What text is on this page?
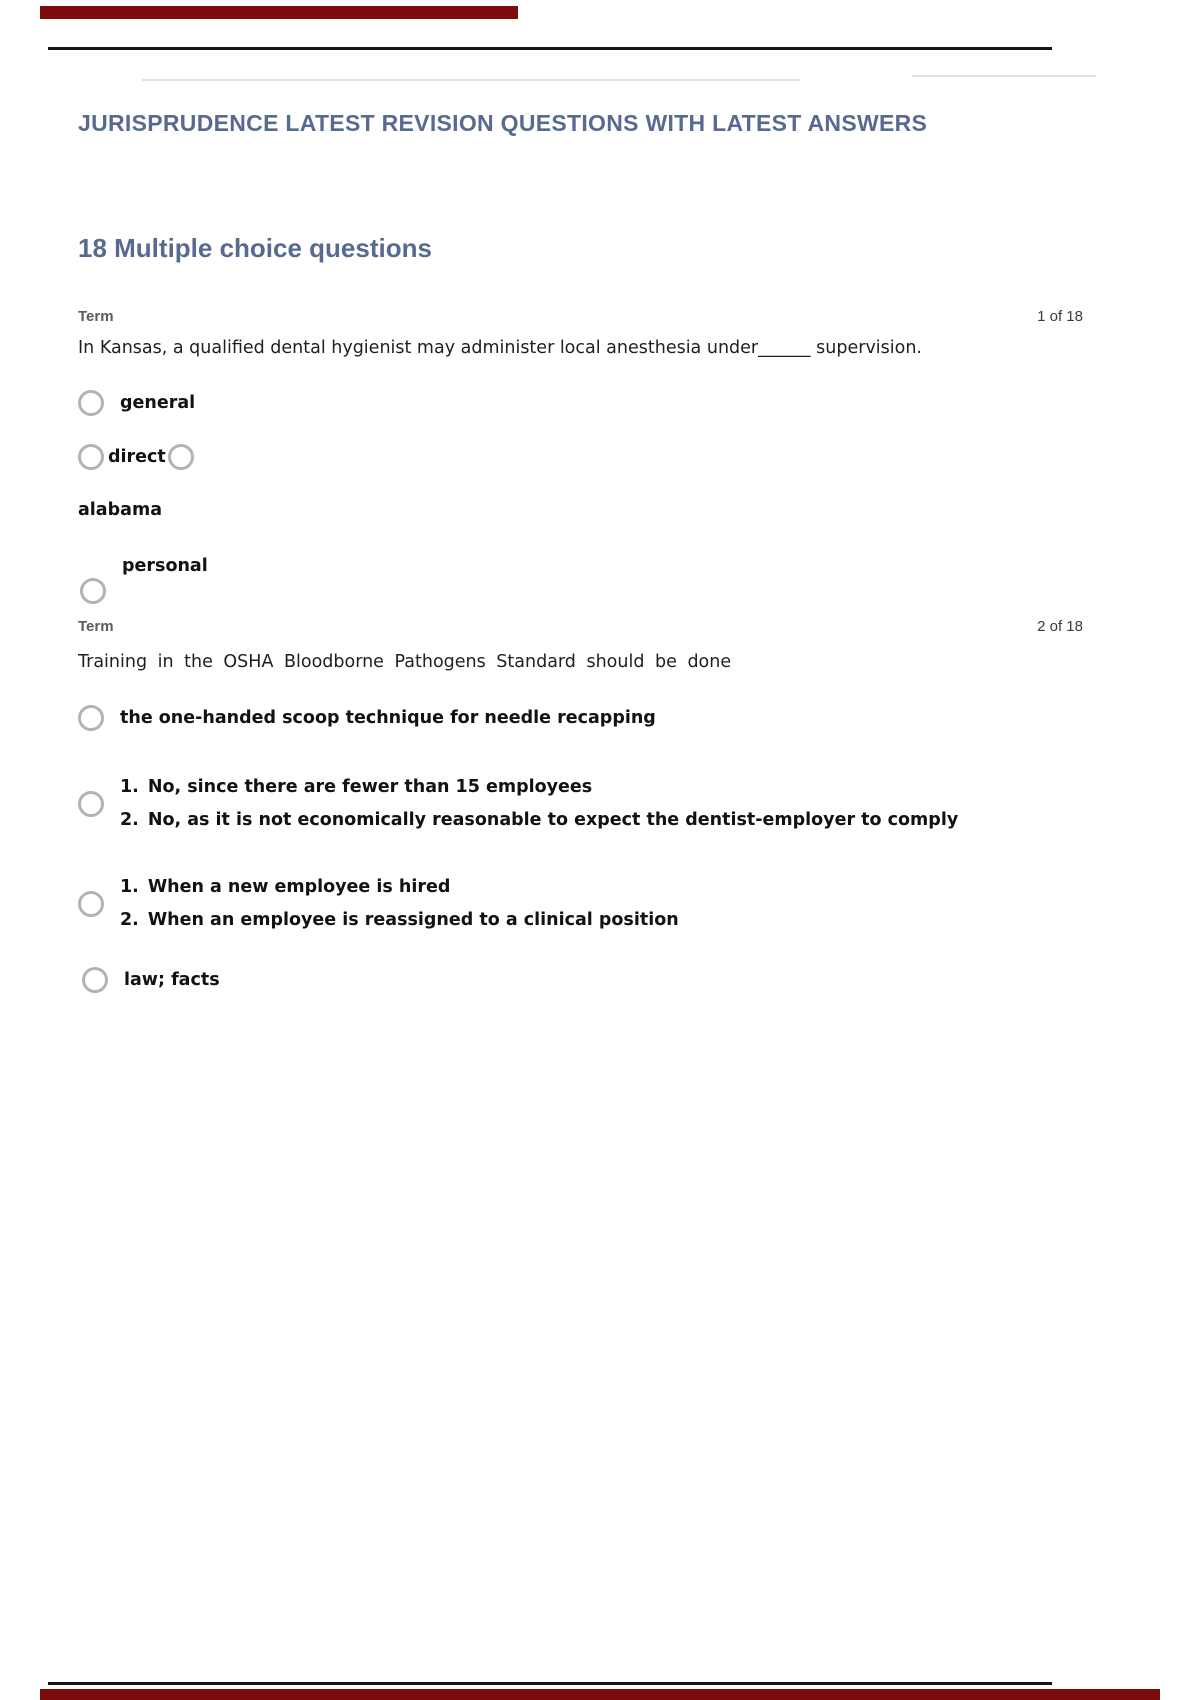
JURISPRUDENCE LATEST REVISION QUESTIONS WITH LATEST ANSWERS
18 Multiple choice questions
Term	1 of 18
In Kansas, a qualified dental hygienist may administer local anesthesia under______ supervision.
general
direct
alabama
personal
Term	2 of 18
Training in the OSHA Bloodborne Pathogens Standard should be done
the one-handed scoop technique for needle recapping
1. No, since there are fewer than 15 employees
2. No, as it is not economically reasonable to expect the dentist-employer to comply
1. When a new employee is hired
2. When an employee is reassigned to a clinical position
law; facts
